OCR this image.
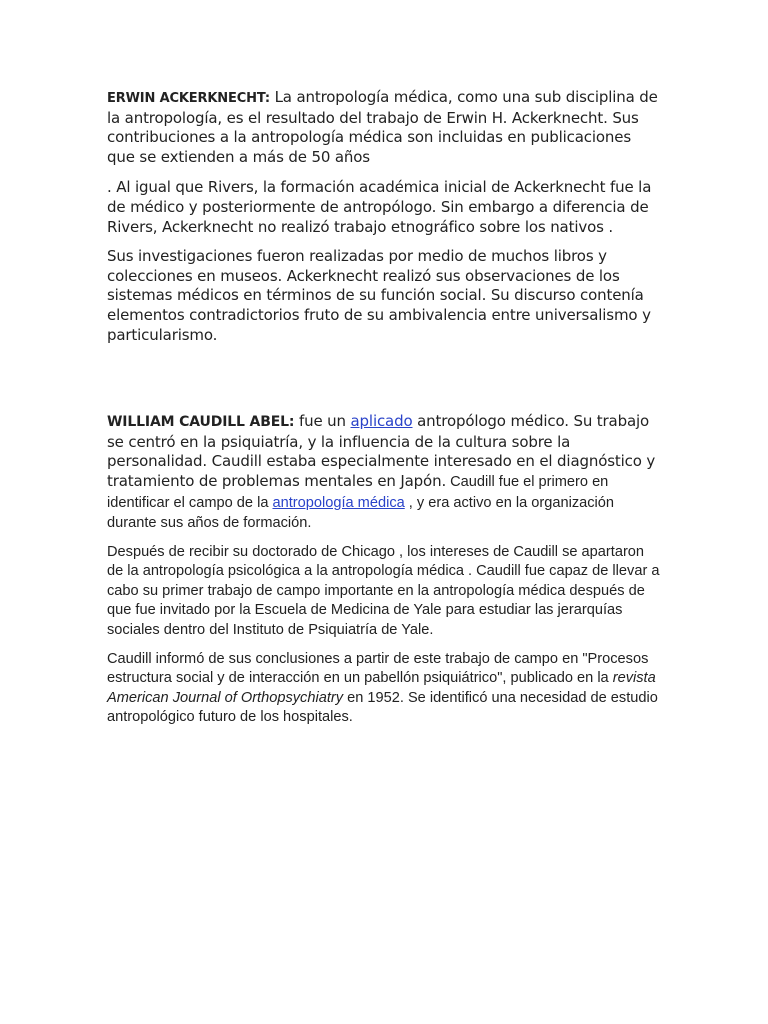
ERWIN ACKERKNECHT: La antropología médica, como una sub disciplina de la antropología, es el resultado del trabajo de Erwin H. Ackerknecht. Sus contribuciones a la antropología médica son incluidas en publicaciones que se extienden a más de 50 años

. Al igual que Rivers, la formación académica inicial de Ackerknecht fue la de médico y posteriormente de antropólogo. Sin embargo a diferencia de Rivers, Ackerknecht no realizó trabajo etnográfico sobre los nativos .

Sus investigaciones fueron realizadas por medio de muchos libros y colecciones en museos. Ackerknecht realizó sus observaciones de los sistemas médicos en términos de su función social. Su discurso contenía elementos contradictorios fruto de su ambivalencia entre universalismo y particularismo.

WILLIAM CAUDILL ABEL: fue un aplicado antropólogo médico. Su trabajo se centró en la psiquiatría, y la influencia de la cultura sobre la personalidad. Caudill estaba especialmente interesado en el diagnóstico y tratamiento de problemas mentales en Japón. Caudill fue el primero en identificar el campo de la antropología médica , y era activo en la organización durante sus años de formación.

Después de recibir su doctorado de Chicago , los intereses de Caudill se apartaron de la antropología psicológica a la antropología médica . Caudill fue capaz de llevar a cabo su primer trabajo de campo importante en la antropología médica después de que fue invitado por la Escuela de Medicina de Yale para estudiar las jerarquías sociales dentro del Instituto de Psiquiatría de Yale.

Caudill informó de sus conclusiones a partir de este trabajo de campo en "Procesos estructura social y de interacción en un pabellón psiquiátrico", publicado en la revista American Journal of Orthopsychiatry en 1952. Se identificó una necesidad de estudio antropológico futuro de los hospitales.
